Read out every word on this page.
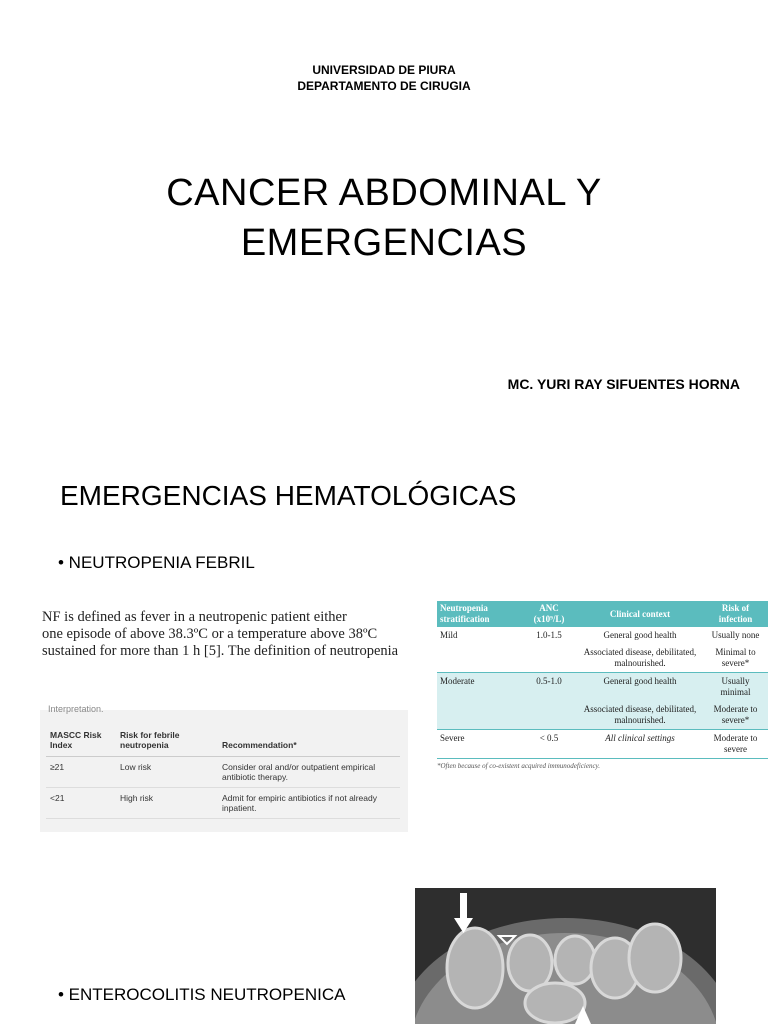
UNIVERSIDAD DE PIURA
DEPARTAMENTO DE CIRUGIA
CANCER ABDOMINAL Y
EMERGENCIAS
MC. YURI RAY SIFUENTES HORNA
EMERGENCIAS HEMATOLÓGICAS
• NEUTROPENIA FEBRIL
NF is defined as fever in a neutropenic patient either
one episode of above 38.3ºC or a temperature above 38ºC
sustained for more than 1 h [5]. The definition of neutropenia
Interpretation.
MASCC Risk Index	Risk for febrile neutropenia	Recommendation*
≥21	Low risk	Consider oral and/or outpatient empirical antibiotic therapy.
<21	High risk	Admit for empiric antibiotics if not already inpatient.
Neutropenia stratification	ANC (x10⁹/L)	Clinical context	Risk of infection
Mild	1.0-1.5	General good health	Usually none
		Associated disease, debilitated, malnourished.	Minimal to severe*
Moderate	0.5-1.0	General good health	Usually minimal
		Associated disease, debilitated, malnourished.	Moderate to severe*
Severe	< 0.5	All clinical settings	Moderate to severe
*Often because of co-existent acquired immunodeficiency.
• ENTEROCOLITIS NEUTROPENICA
